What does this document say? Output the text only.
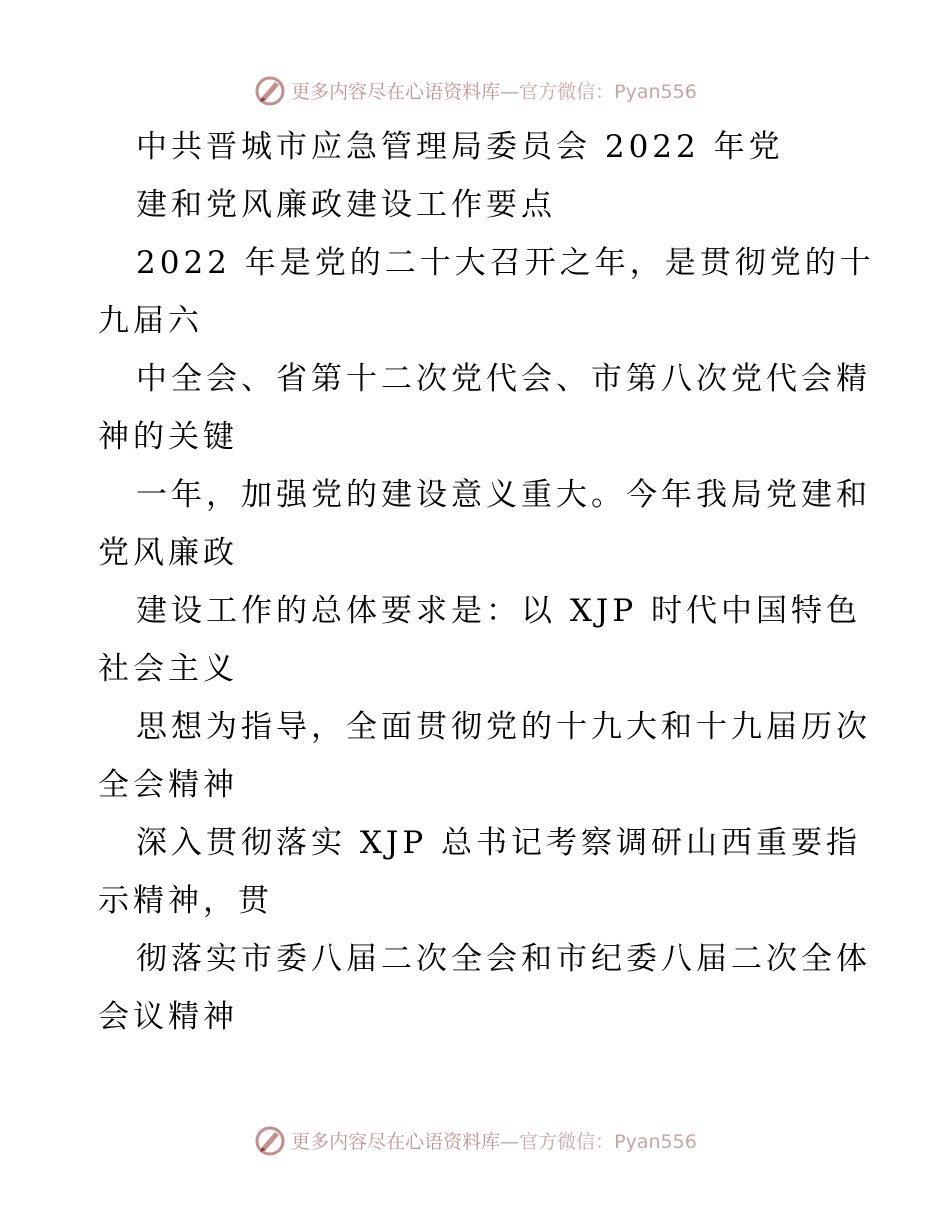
更多内容尽在心语资料库—官方微信：Pyan556
中共晋城市应急管理局委员会 2022 年党
建和党风廉政建设工作要点
2022 年是党的二十大召开之年，是贯彻党的十
九届六
中全会、省第十二次党代会、市第八次党代会精
神的关键
一年，加强党的建设意义重大。今年我局党建和
党风廉政
建设工作的总体要求是：以 XJP 时代中国特色
社会主义
思想为指导，全面贯彻党的十九大和十九届历次
全会精神
深入贯彻落实 XJP 总书记考察调研山西重要指
示精神，贯
彻落实市委八届二次全会和市纪委八届二次全体
会议精神
更多内容尽在心语资料库—官方微信：Pyan556
